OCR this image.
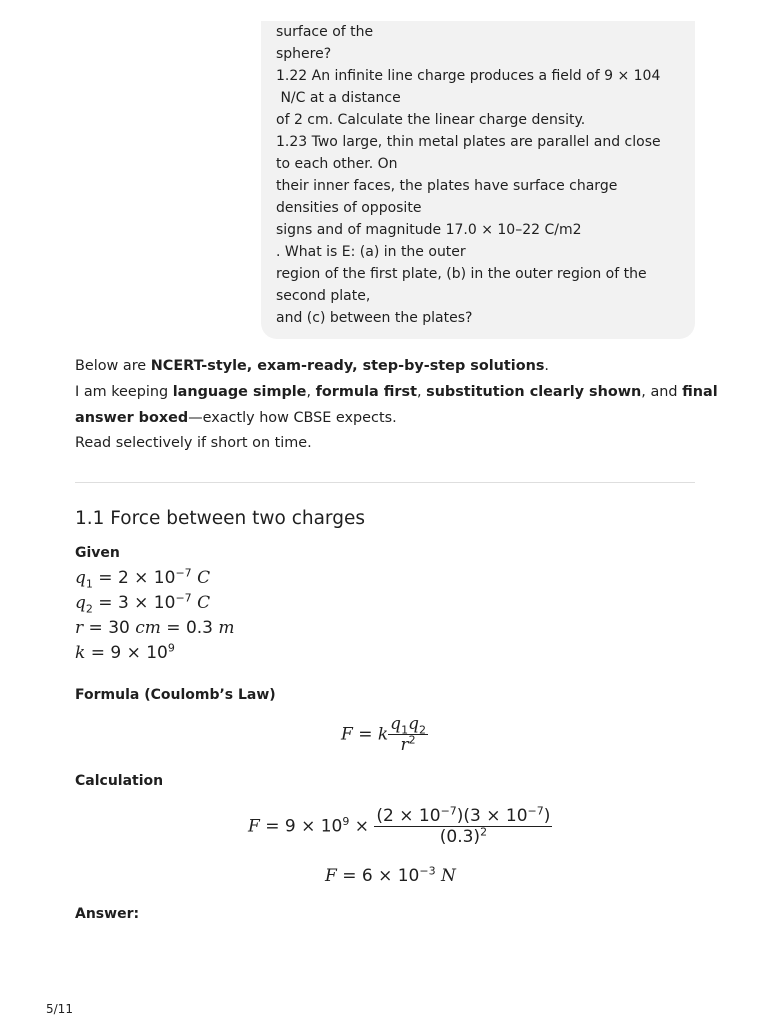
surface of the
sphere?
1.22 An infinite line charge produces a field of 9 × 104
N/C at a distance
of 2 cm. Calculate the linear charge density.
1.23 Two large, thin metal plates are parallel and close
to each other. On
their inner faces, the plates have surface charge
densities of opposite
signs and of magnitude 17.0 × 10–22 C/m2
. What is E: (a) in the outer
region of the first plate, (b) in the outer region of the
second plate,
and (c) between the plates?
Below are NCERT-style, exam-ready, step-by-step solutions.
I am keeping language simple, formula first, substitution clearly shown, and final
answer boxed—exactly how CBSE expects.
Read selectively if short on time.
1.1 Force between two charges
Given
$q_1 = 2 \times 10^{-7}$ C
$q_2 = 3 \times 10^{-7}$ C
r = 30 cm = 0.3 m
$k = 9 \times 10^9$
Formula (Coulomb’s Law)
F = k $\frac{q_1q_2}{r^2}$
Calculation
$F = 9 \times 10^9 \times \frac{(2 \times 10^{-7})(3 \times 10^{-7})}{(0.3)^2}$
$F = 6 \times 10^{-3}$ N
Answer:
5/11
